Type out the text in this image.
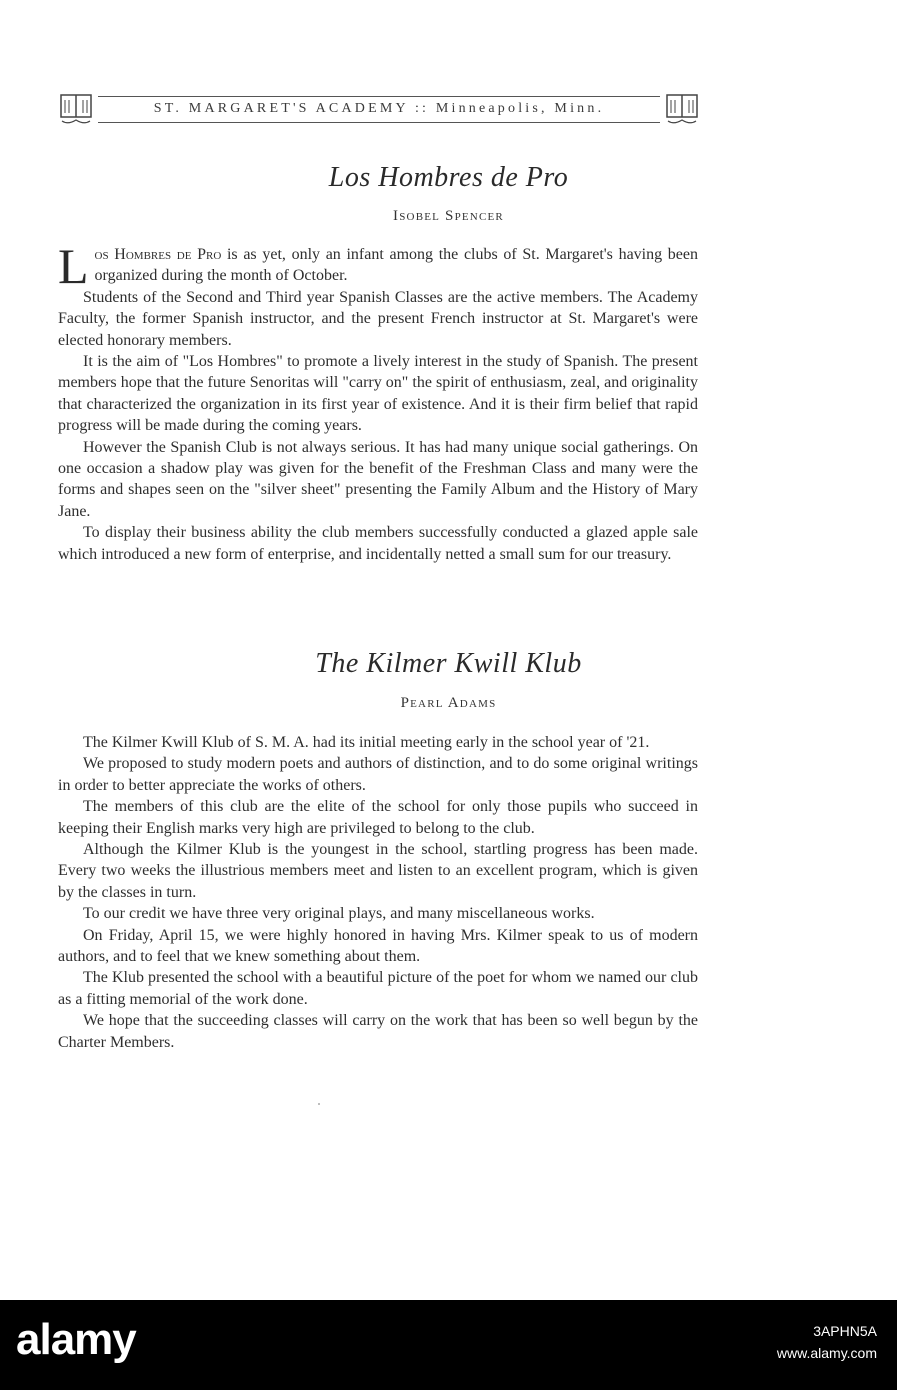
ST. MARGARET'S ACADEMY :: Minneapolis, Minn.
Los Hombres de Pro
Isobel Spencer

Los Hombres de Pro is as yet, only an infant among the clubs of St. Margaret's having been organized during the month of October.

Students of the Second and Third year Spanish Classes are the active members. The Academy Faculty, the former Spanish instructor, and the present French instructor at St. Margaret's were elected honorary members.

It is the aim of "Los Hombres" to promote a lively interest in the study of Spanish. The present members hope that the future Senoritas will "carry on" the spirit of enthusiasm, zeal, and originality that characterized the organization in its first year of existence. And it is their firm belief that rapid progress will be made during the coming years.

However the Spanish Club is not always serious. It has had many unique social gatherings. On one occasion a shadow play was given for the benefit of the Freshman Class and many were the forms and shapes seen on the "silver sheet" presenting the Family Album and the History of Mary Jane.

To display their business ability the club members successfully conducted a glazed apple sale which introduced a new form of enterprise, and incidentally netted a small sum for our treasury.

The Kilmer Kwill Klub
Pearl Adams

The Kilmer Kwill Klub of S. M. A. had its initial meeting early in the school year of '21.

We proposed to study modern poets and authors of distinction, and to do some original writings in order to better appreciate the works of others.

The members of this club are the elite of the school for only those pupils who succeed in keeping their English marks very high are privileged to belong to the club.

Although the Kilmer Klub is the youngest in the school, startling progress has been made. Every two weeks the illustrious members meet and listen to an excellent program, which is given by the classes in turn.

To our credit we have three very original plays, and many miscellaneous works.

On Friday, April 15, we were highly honored in having Mrs. Kilmer speak to us of modern authors, and to feel that we knew something about them.

The Klub presented the school with a beautiful picture of the poet for whom we named our club as a fitting memorial of the work done.

We hope that the succeeding classes will carry on the work that has been so well begun by the Charter Members.

alamy	3APHN5A
www.alamy.com
